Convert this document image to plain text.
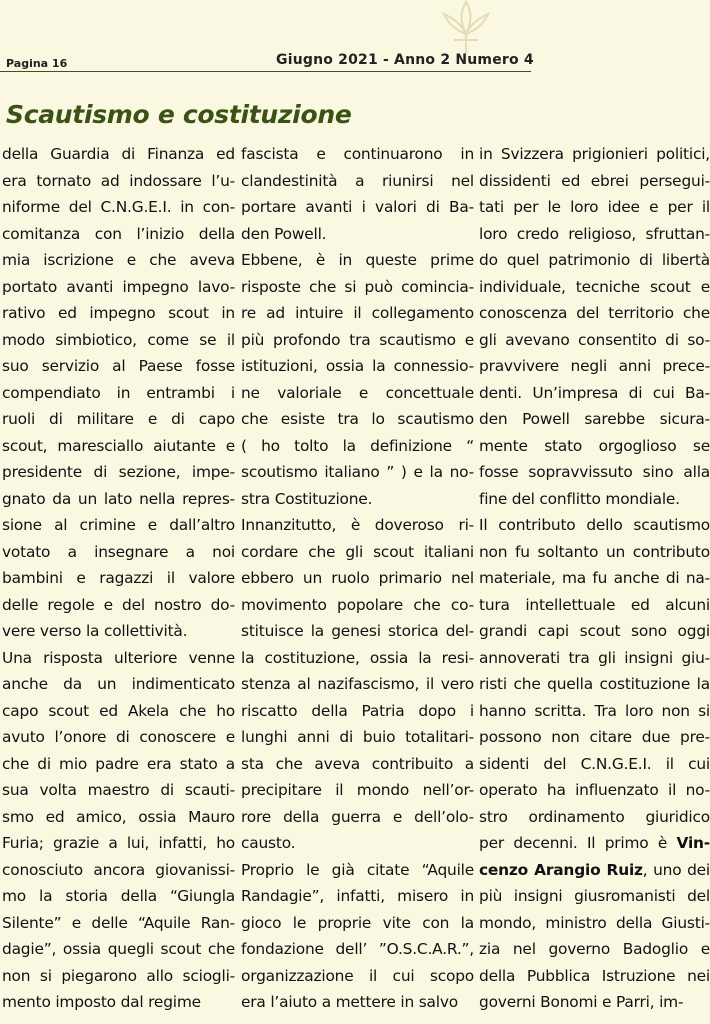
Pagina 16	Giugno 2021 - Anno 2 Numero 4
Scautismo e costituzione
della Guardia di Finanza ed
era tornato ad indossare l’u-
niforme del C.N.G.E.I. in con-
comitanza con l’inizio della
mia iscrizione e che aveva
portato avanti impegno lavo-
rativo ed impegno scout in
modo simbiotico, come se il
suo servizio al Paese fosse
compendiato in entrambi i
ruoli di militare e di capo
scout, maresciallo aiutante e
presidente di sezione, impe-
gnato da un lato nella repres-
sione al crimine e dall’altro
votato a insegnare a noi
bambini e ragazzi il valore
delle regole e del nostro do-
vere verso la collettività.
Una risposta ulteriore venne
anche da un indimenticato
capo scout ed Akela che ho
avuto l’onore di conoscere e
che di mio padre era stato a
sua volta maestro di scauti-
smo ed amico, ossia Mauro
Furia; grazie a lui, infatti, ho
conosciuto ancora giovanissi-
mo la storia della “Giungla
Silente” e delle “Aquile Ran-
dagie”, ossia quegli scout che
non si piegarono allo sciogli-
mento imposto dal regime
fascista e continuarono in
clandestinità a riunirsi nel
portare avanti i valori di Ba-
den Powell.
Ebbene, è in queste prime
risposte che si può comincia-
re ad intuire il collegamento
più profondo tra scautismo e
istituzioni, ossia la connessio-
ne valoriale e concettuale
che esiste tra lo scautismo
( ho tolto la definizione “
scoutismo italiano ” ) e la no-
stra Costituzione.
Innanzitutto, è doveroso ri-
cordare che gli scout italiani
ebbero un ruolo primario nel
movimento popolare che co-
stituisce la genesi storica del-
la costituzione, ossia la resi-
stenza al nazifascismo, il vero
riscatto della Patria dopo i
lunghi anni di buio totalitari-
sta che aveva contribuito a
precipitare il mondo nell’or-
rore della guerra e dell’olo-
causto.
Proprio le già citate “Aquile
Randagie”, infatti, misero in
gioco le proprie vite con la
fondazione dell’ ”O.S.C.A.R.”,
organizzazione il cui scopo
era l’aiuto a mettere in salvo
in Svizzera prigionieri politici,
dissidenti ed ebrei persegui-
tati per le loro idee e per il
loro credo religioso, sfruttan-
do quel patrimonio di libertà
individuale, tecniche scout e
conoscenza del territorio che
gli avevano consentito di so-
pravvivere negli anni prece-
denti. Un’impresa di cui Ba-
den Powell sarebbe sicura-
mente stato orgoglioso se
fosse sopravvissuto sino alla
fine del conflitto mondiale.
Il contributo dello scautismo
non fu soltanto un contributo
materiale, ma fu anche di na-
tura intellettuale ed alcuni
grandi capi scout sono oggi
annoverati tra gli insigni giu-
risti che quella costituzione la
hanno scritta. Tra loro non si
possono non citare due pre-
sidenti del C.N.G.E.I. il cui
operato ha influenzato il no-
stro ordinamento giuridico
per decenni. Il primo è Vin-
cenzo Arangio Ruiz, uno dei
più insigni giusromanisti del
mondo, ministro della Giusti-
zia nel governo Badoglio e
della Pubblica Istruzione nei
governi Bonomi e Parri, im-
